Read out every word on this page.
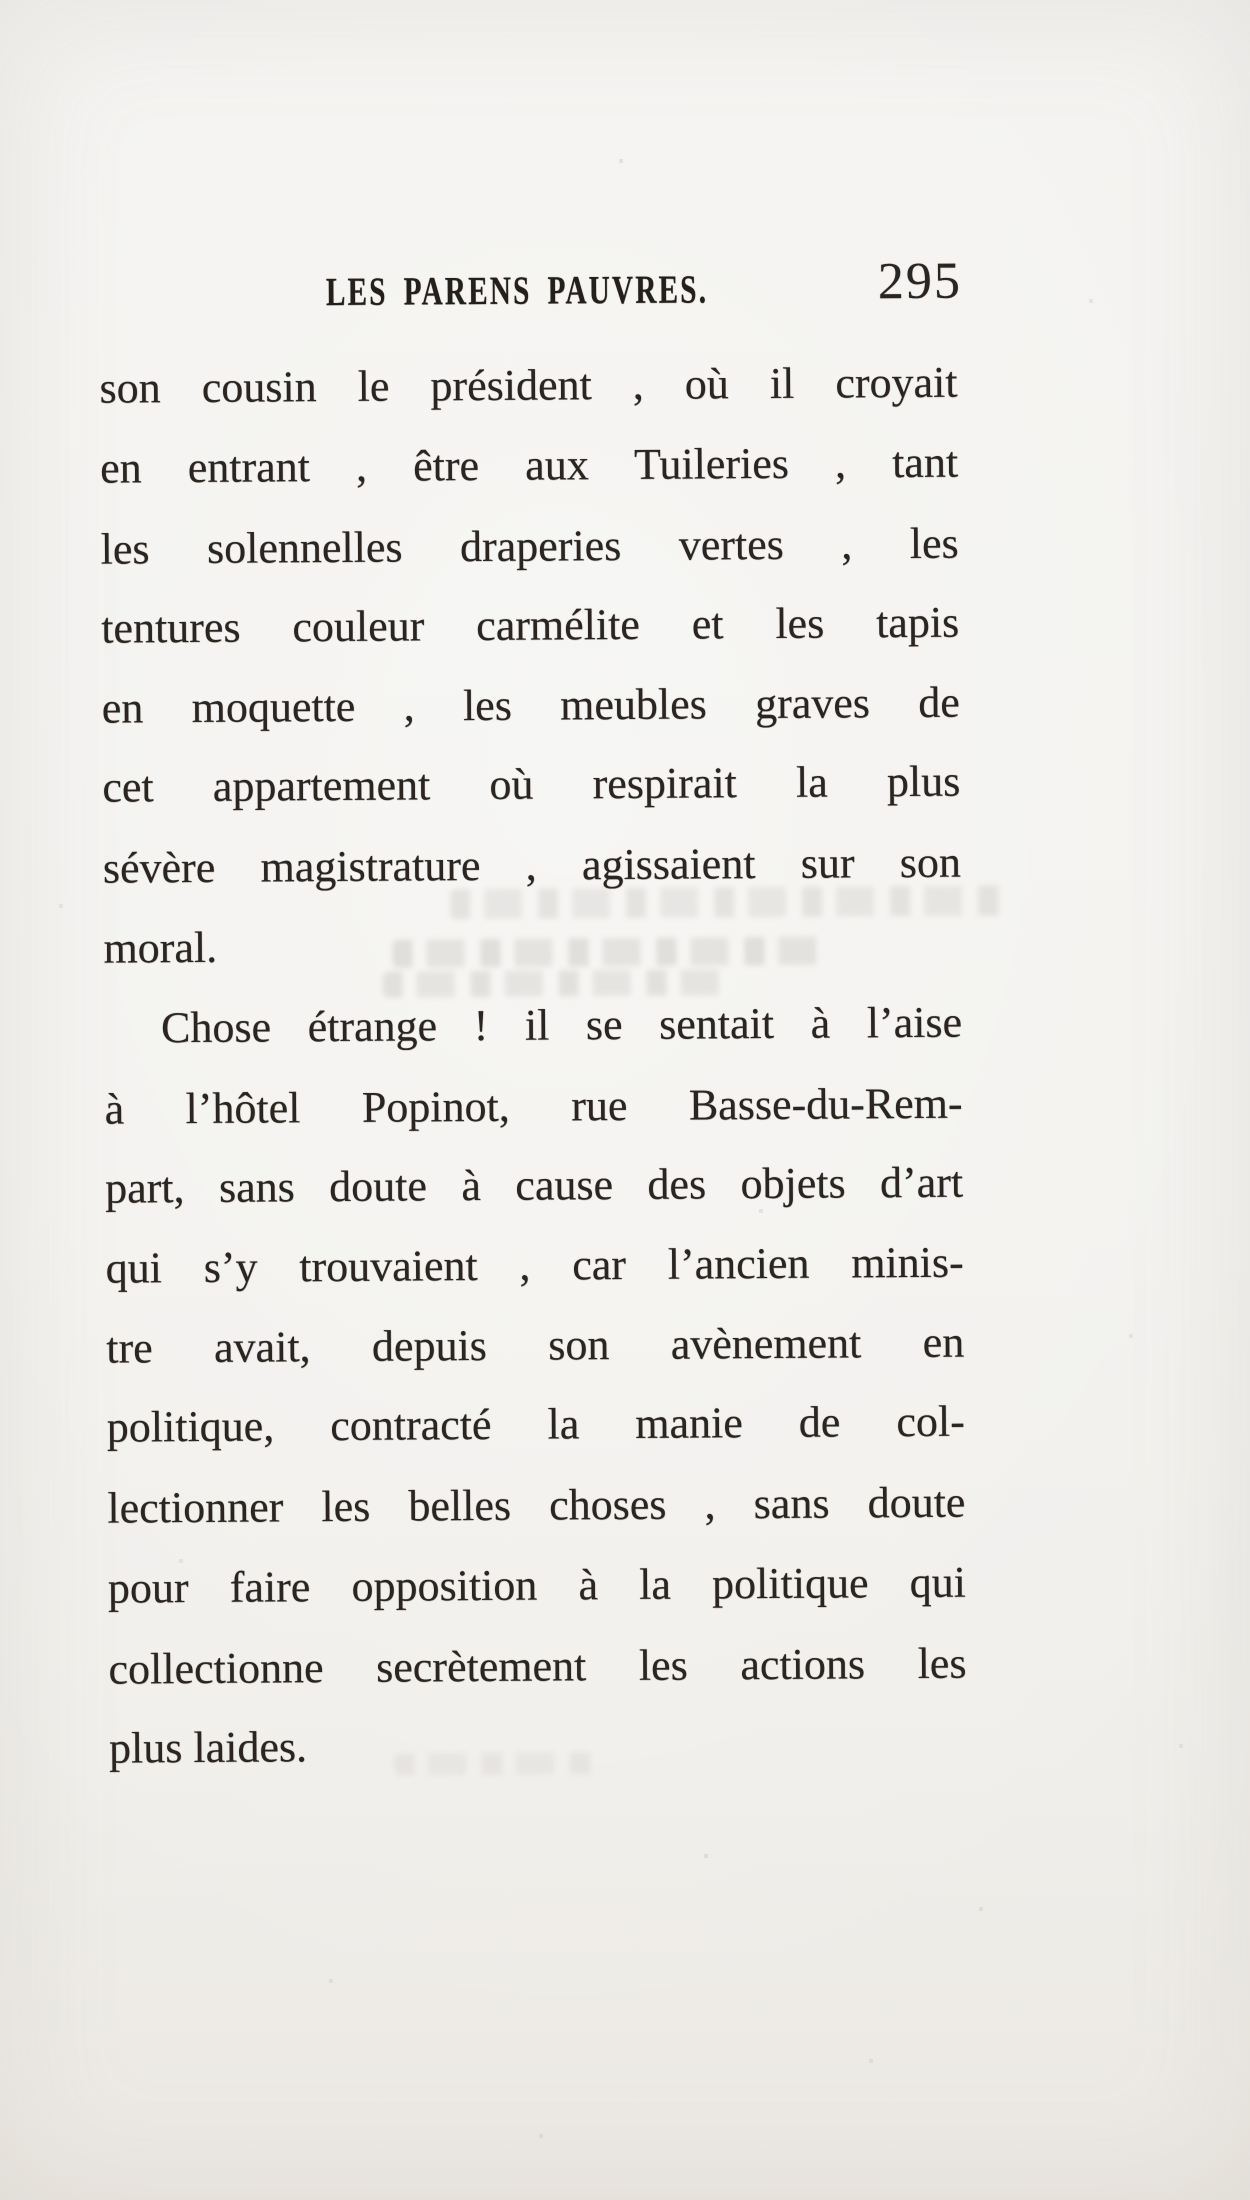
LES PARENS PAUVRES.	295
son cousin le président , où il croyait
en entrant , être aux Tuileries , tant
les solennelles draperies vertes , les
tentures couleur carmélite et les tapis
en moquette , les meubles graves de
cet appartement où respirait la plus
sévère magistrature , agissaient sur son
moral.
Chose étrange ! il se sentait à l’aise
à l’hôtel Popinot, rue Basse-du-Rem-
part, sans doute à cause des objets d’art
qui s’y trouvaient , car l’ancien minis-
tre avait, depuis son avènement en
politique, contracté la manie de col-
lectionner les belles choses , sans doute
pour faire opposition à la politique qui
collectionne secrètement les actions les
plus laides.
